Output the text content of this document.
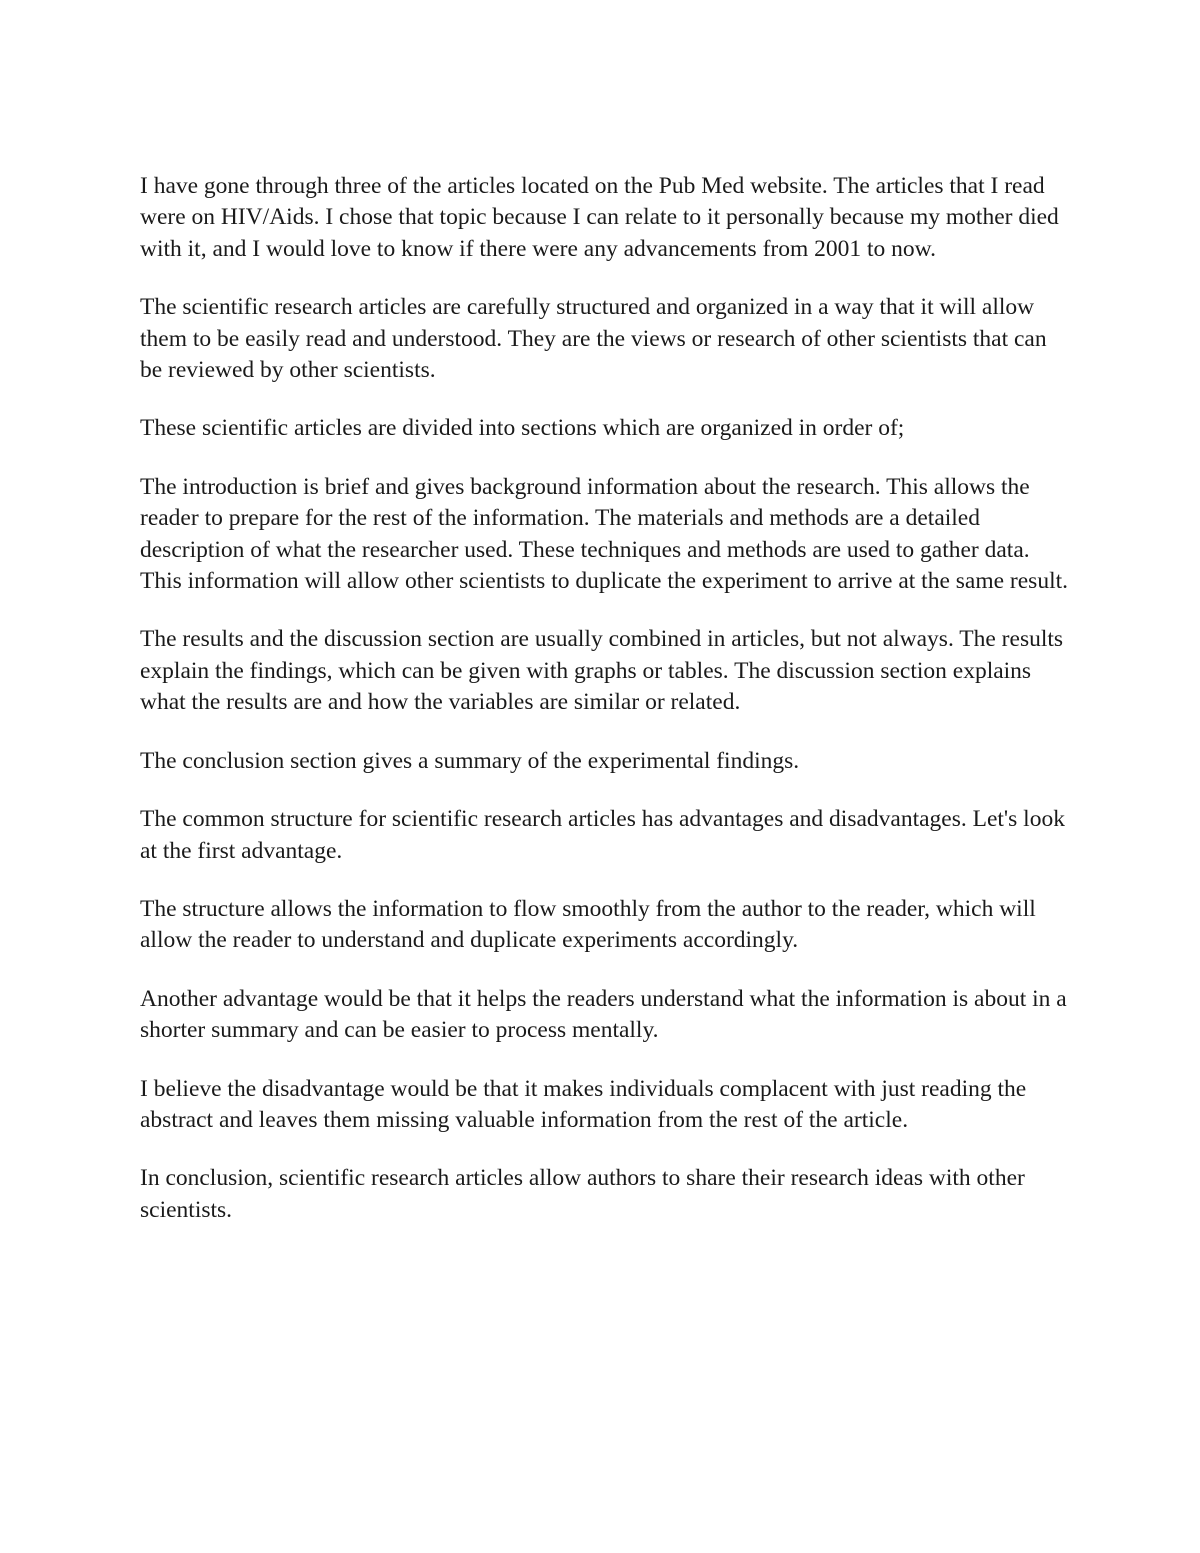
I have gone through three of the articles located on the Pub Med website. The articles that I read were on HIV/Aids. I chose that topic because I can relate to it personally because my mother died with it, and I would love to know if there were any advancements from 2001 to now.

The scientific research articles are carefully structured and organized in a way that it will allow them to be easily read and understood. They are the views or research of other scientists that can be reviewed by other scientists.

These scientific articles are divided into sections which are organized in order of;

The introduction is brief and gives background information about the research. This allows the reader to prepare for the rest of the information. The materials and methods are a detailed description of what the researcher used. These techniques and methods are used to gather data. This information will allow other scientists to duplicate the experiment to arrive at the same result.

The results and the discussion section are usually combined in articles, but not always. The results explain the findings, which can be given with graphs or tables. The discussion section explains what the results are and how the variables are similar or related.

The conclusion section gives a summary of the experimental findings.

The common structure for scientific research articles has advantages and disadvantages. Let's look at the first advantage.

The structure allows the information to flow smoothly from the author to the reader, which will allow the reader to understand and duplicate experiments accordingly.

Another advantage would be that it helps the readers understand what the information is about in a shorter summary and can be easier to process mentally.

I believe the disadvantage would be that it makes individuals complacent with just reading the abstract and leaves them missing valuable information from the rest of the article.

In conclusion, scientific research articles allow authors to share their research ideas with other scientists.
